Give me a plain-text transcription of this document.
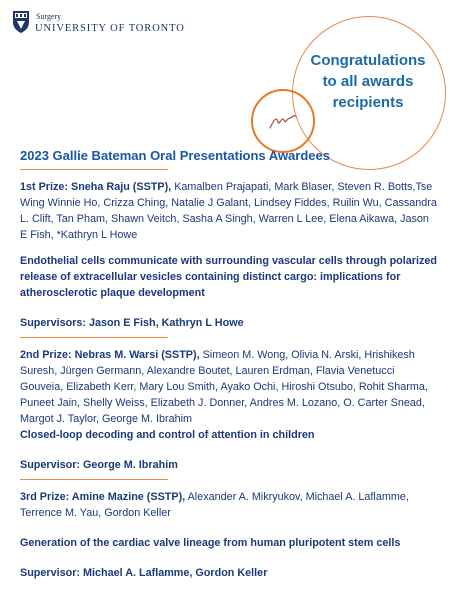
Surgery
UNIVERSITY OF TORONTO
Congratulations
to all awards
recipients
2023 Gallie Bateman Oral Presentations Awardees

1st Prize: Sneha Raju (SSTP), Kamalben Prajapati, Mark Blaser, Steven R. Botts,Tse Wing Winnie Ho, Crizza Ching, Natalie J Galant, Lindsey Fiddes, Ruilin Wu, Cassandra L. Clift, Tan Pham, Shawn Veitch, Sasha A Singh, Warren L Lee, Elena Aikawa, Jason E Fish, *Kathryn L Howe

Endothelial cells communicate with surrounding vascular cells through polarized release of extracellular vesicles containing distinct cargo: implications for atherosclerotic plaque development

Supervisors: Jason E Fish, Kathryn L Howe

2nd Prize: Nebras M. Warsi (SSTP), Simeon M. Wong, Olivia N. Arski, Hrishikesh Suresh, Jürgen Germann, Alexandre Boutet, Lauren Erdman, Flavia Venetucci Gouveia, Elizabeth Kerr, Mary Lou Smith, Ayako Ochi, Hiroshi Otsubo, Rohit Sharma, Puneet Jain, Shelly Weiss, Elizabeth J. Donner, Andres M. Lozano, O. Carter Snead, Margot J. Taylor, George M. Ibrahim

Closed-loop decoding and control of attention in children

Supervisor: George M. Ibrahim

3rd Prize: Amine Mazine (SSTP), Alexander A. Mikryukov, Michael A. Laflamme, Terrence M. Yau, Gordon Keller

Generation of the cardiac valve lineage from human pluripotent stem cells

Supervisor: Michael A. Laflamme, Gordon Keller
